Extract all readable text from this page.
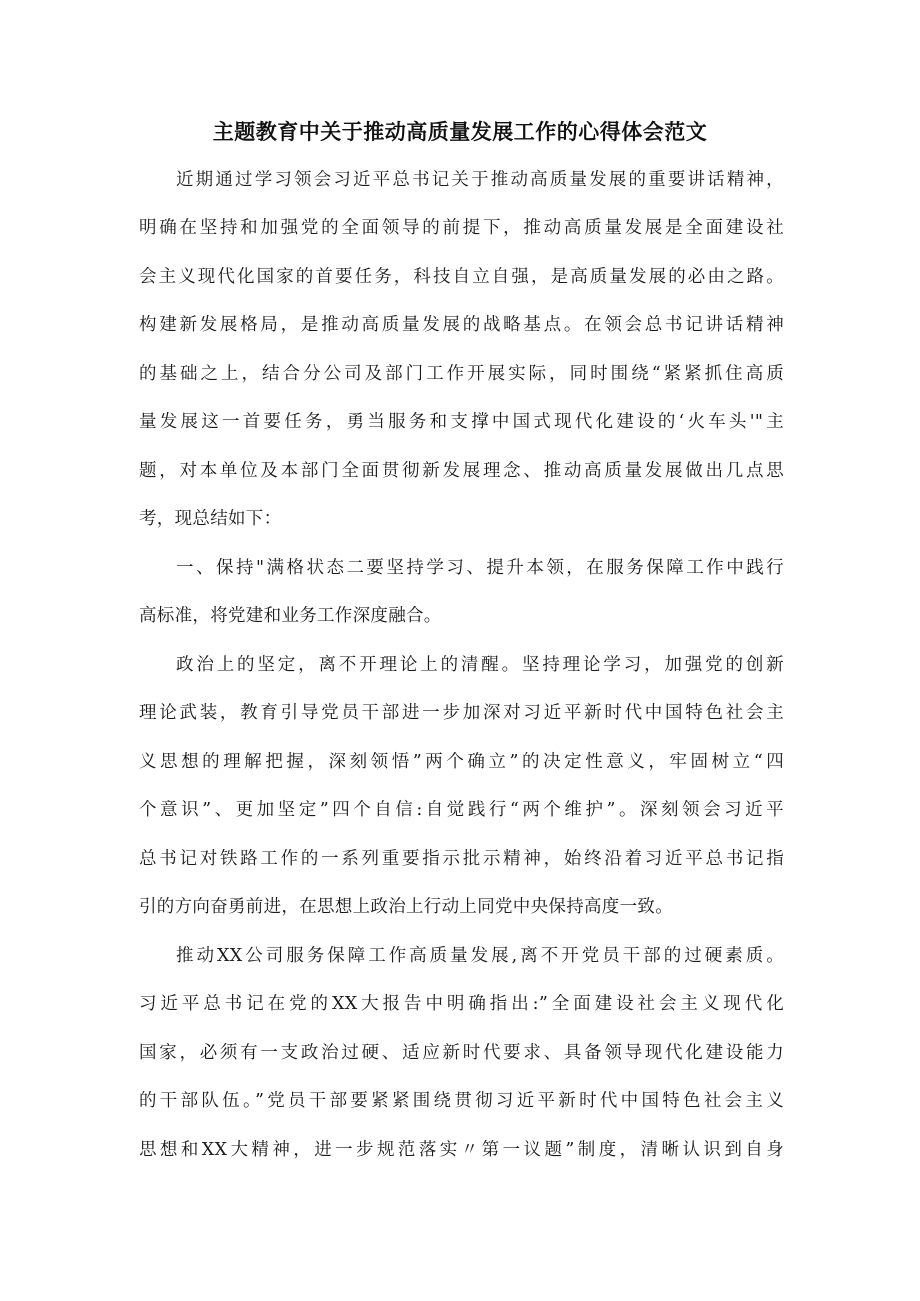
主题教育中关于推动高质量发展工作的心得体会范文
近期通过学习领会习近平总书记关于推动高质量发展的重要讲话精神，
明确在坚持和加强党的全面领导的前提下，推动高质量发展是全面建设社
会主义现代化国家的首要任务，科技自立自强，是高质量发展的必由之路。
构建新发展格局，是推动高质量发展的战略基点。在领会总书记讲话精神
的基础之上，结合分公司及部门工作开展实际，同时围绕“紧紧抓住高质
量发展这一首要任务，勇当服务和支撑中国式现代化建设的‘火车头'"主
题，对本单位及本部门全面贯彻新发展理念、推动高质量发展做出几点思
考，现总结如下：
一、保持"满格状态二要坚持学习、提升本领，在服务保障工作中践行
高标准，将党建和业务工作深度融合。
政治上的坚定，离不开理论上的清醒。坚持理论学习，加强党的创新
理论武装，教育引导党员干部进一步加深对习近平新时代中国特色社会主
义思想的理解把握，深刻领悟”两个确立”的决定性意义，牢固树立“四
个意识”、更加坚定”四个自信:自觉践行“两个维护”。深刻领会习近平
总书记对铁路工作的一系列重要指示批示精神，始终沿着习近平总书记指
引的方向奋勇前进，在思想上政治上行动上同党中央保持高度一致。
推动XX公司服务保障工作高质量发展,离不开党员干部的过硬素质。
习近平总书记在党的XX大报告中明确指出:”全面建设社会主义现代化
国家，必须有一支政治过硬、适应新时代要求、具备领导现代化建设能力
的干部队伍。”党员干部要紧紧围绕贯彻习近平新时代中国特色社会主义
思想和XX大精神，进一步规范落实〃第一议题”制度，清晰认识到自身
